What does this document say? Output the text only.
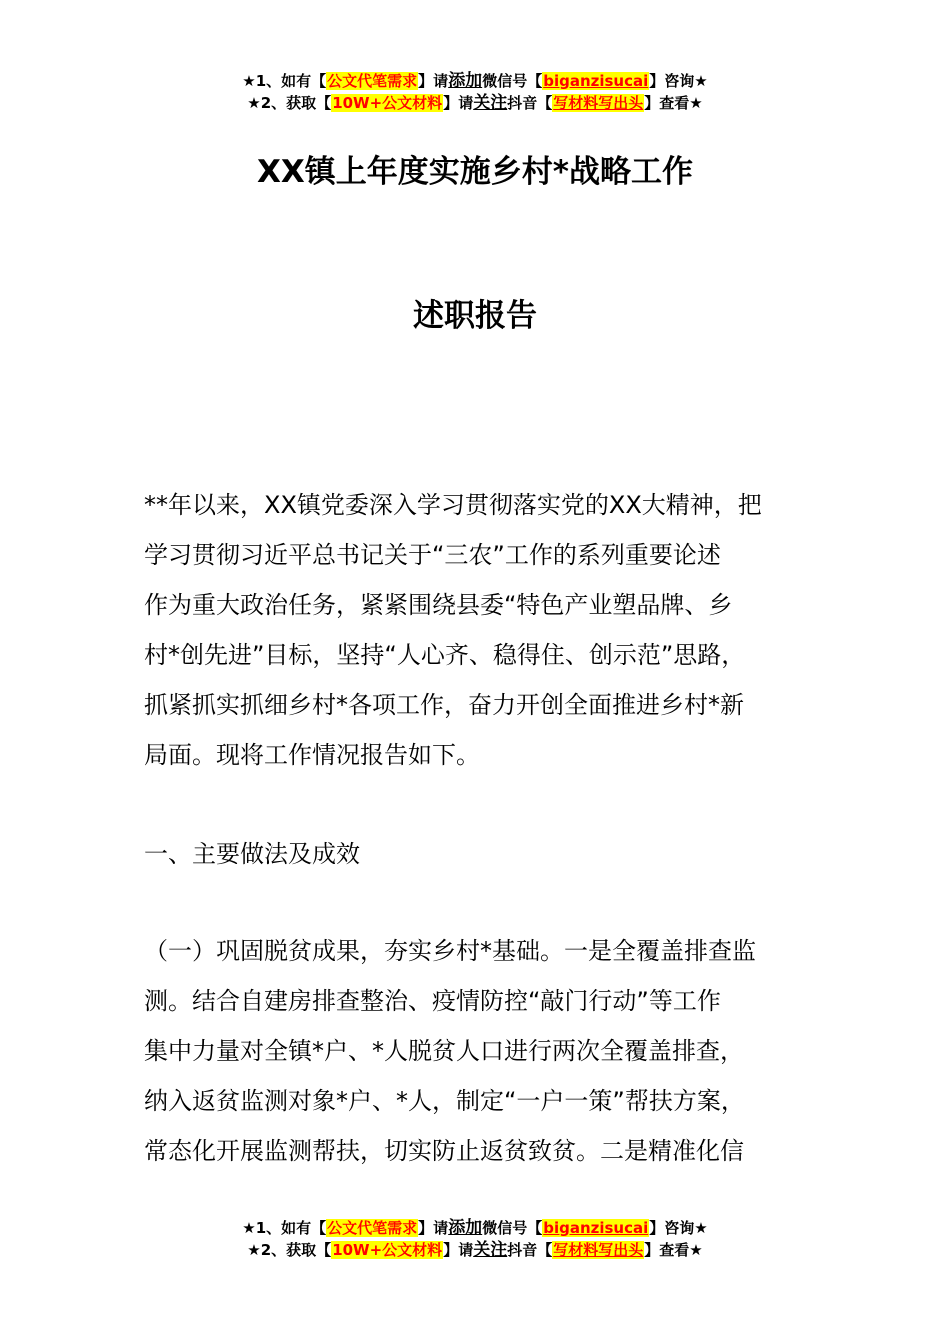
★1、如有【公文代笔需求】请添加微信号【biganzisucai】咨询★
★2、获取【10W+公文材料】请关注抖音【写材料写出头】查看★
XX镇上年度实施乡村*战略工作
述职报告
**年以来，XX镇党委深入学习贯彻落实党的XX大精神，把
学习贯彻习近平总书记关于“三农”工作的系列重要论述
作为重大政治任务，紧紧围绕县委“特色产业塑品牌、乡
村*创先进”目标，坚持“人心齐、稳得住、创示范”思路，
抓紧抓实抓细乡村*各项工作，奋力开创全面推进乡村*新
局面。现将工作情况报告如下。
一、主要做法及成效
（一）巩固脱贫成果，夯实乡村*基础。一是全覆盖排查监
测。结合自建房排查整治、疫情防控“敲门行动”等工作
集中力量对全镇*户、*人脱贫人口进行两次全覆盖排查，
纳入返贫监测对象*户、*人，制定“一户一策”帮扶方案，
常态化开展监测帮扶，切实防止返贫致贫。二是精准化信
★1、如有【公文代笔需求】请添加微信号【biganzisucai】咨询★
★2、获取【10W+公文材料】请关注抖音【写材料写出头】查看★
